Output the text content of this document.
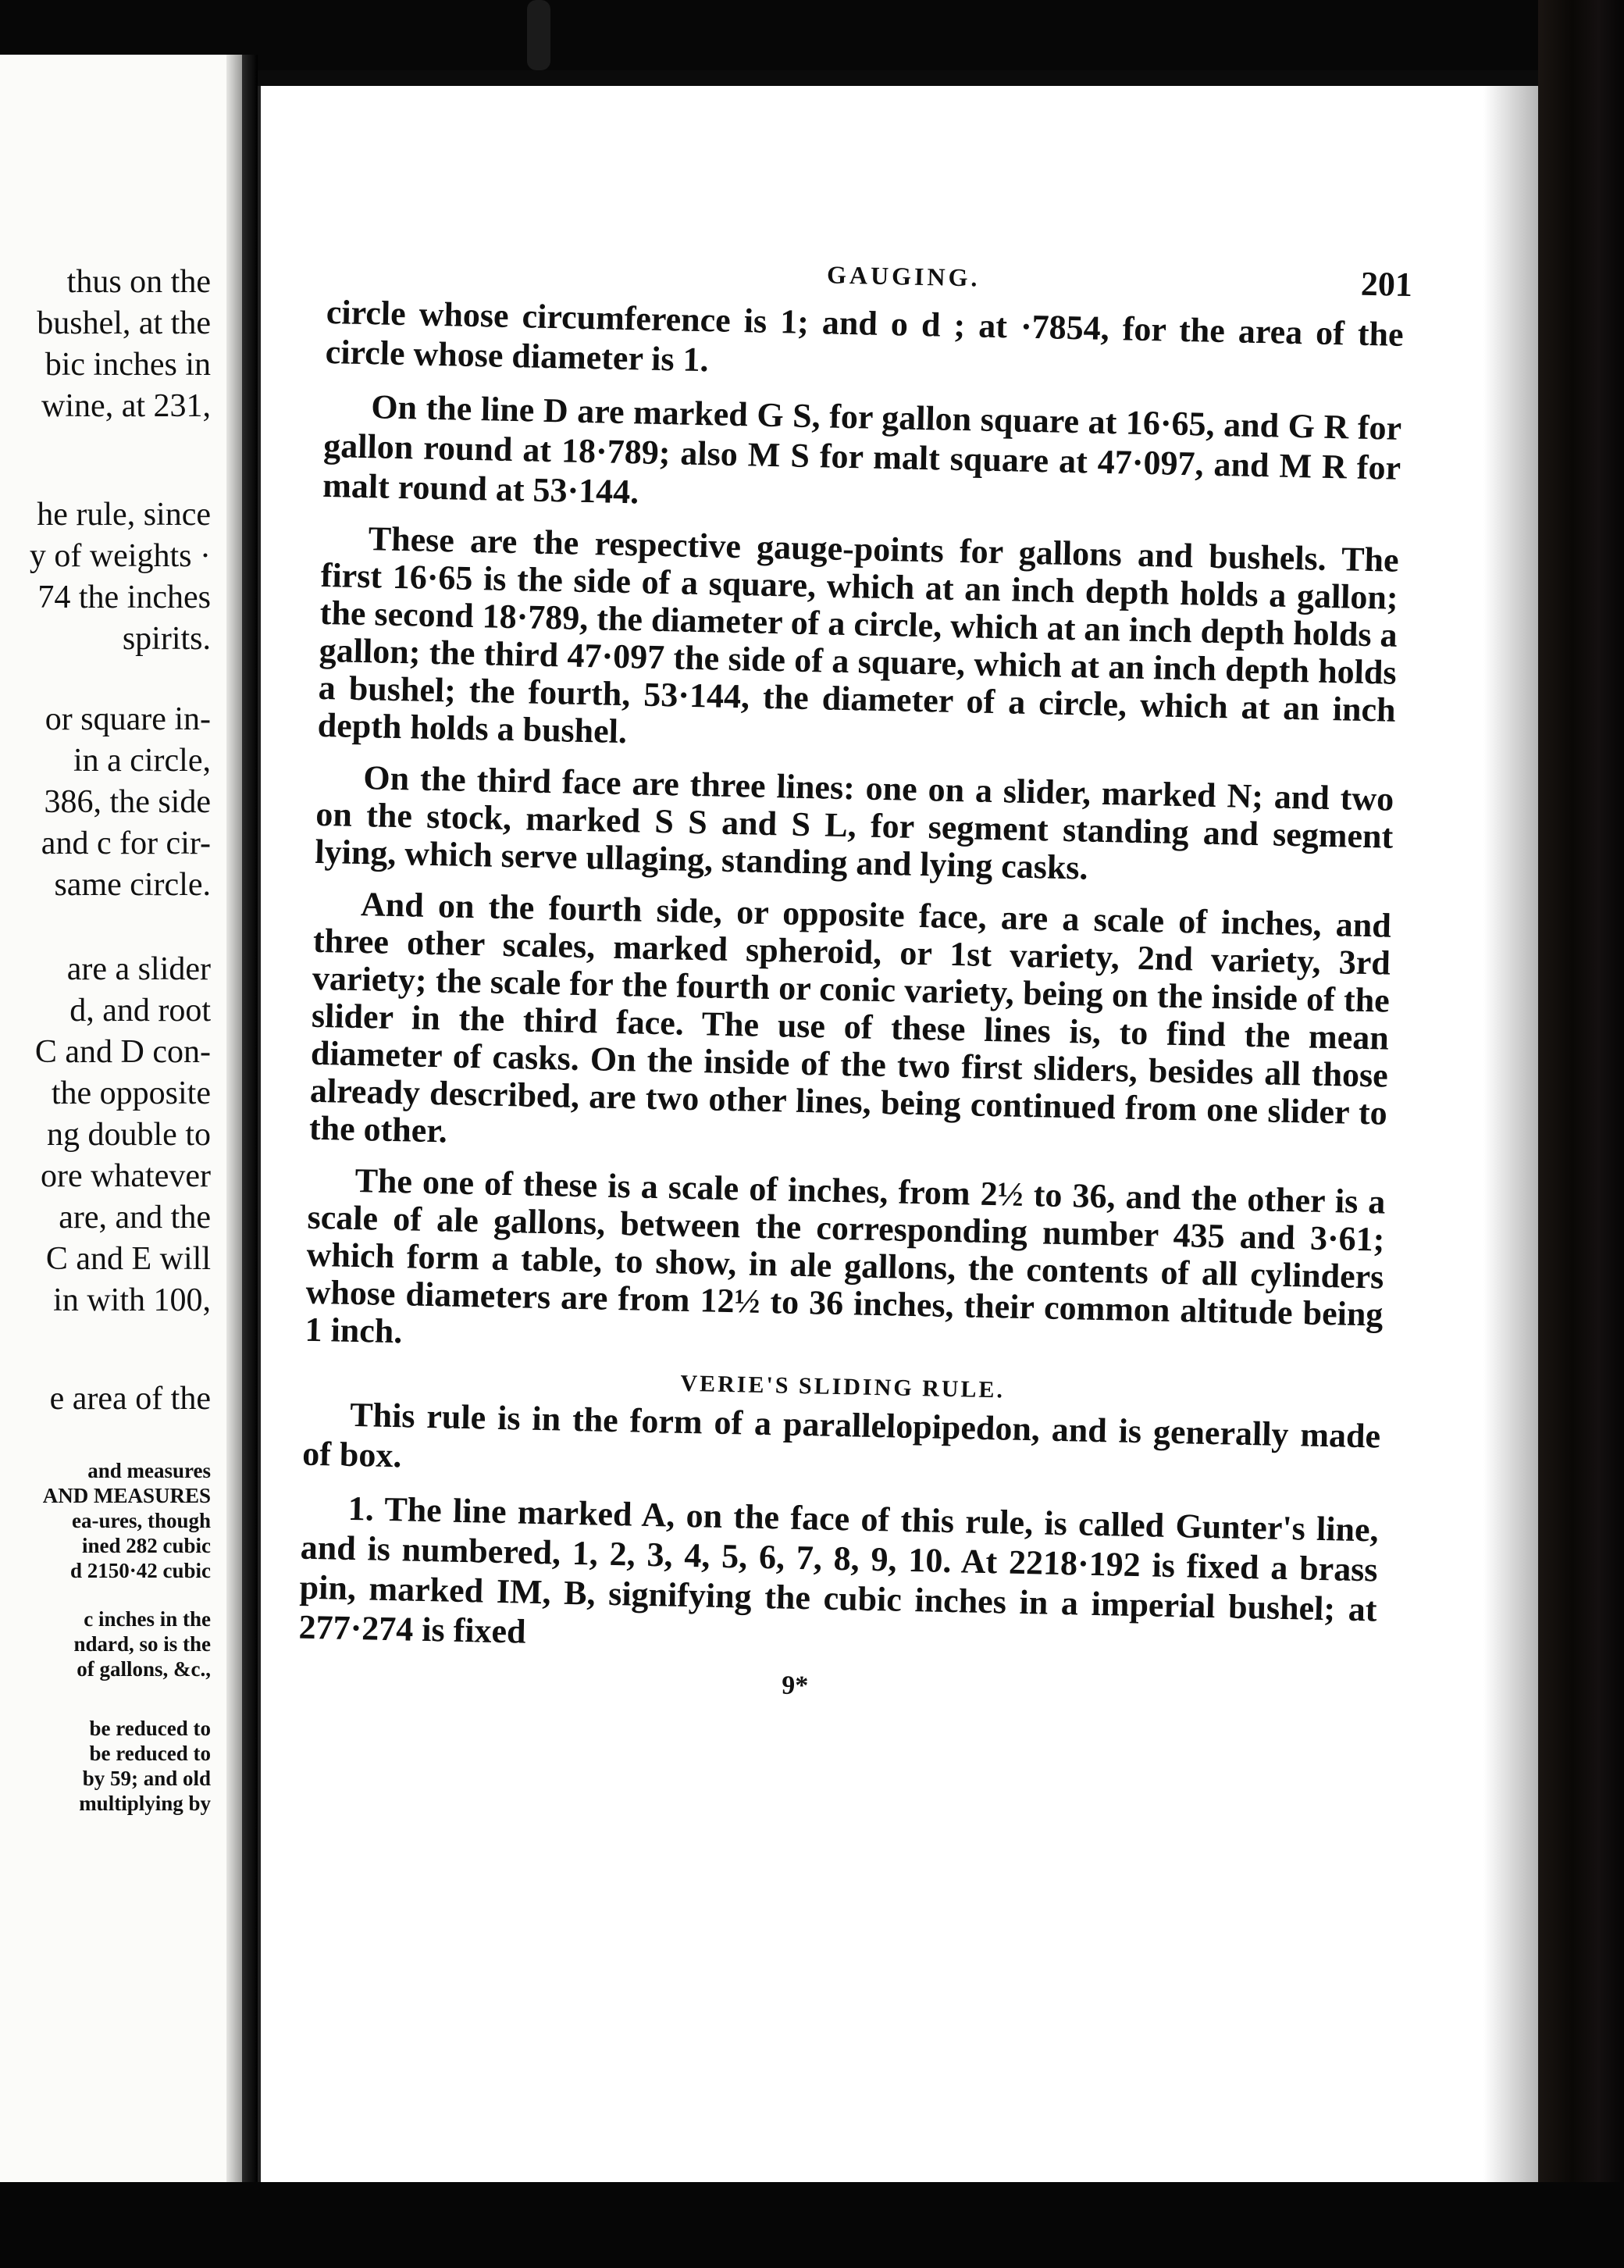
thus on the

bushel, at the

bic inches in

wine, at 231,

he rule, since

y of weights ·

74 the inches

spirits.

or square in-

in a circle,

386, the side

and c for cir-

same circle.

are a slider

d, and root

C and D con-

the opposite

ng double to

ore whatever

are, and the

C and E will

in with 100,

e area of the

and measures

AND MEASURES

ea-ures, though

ined 282 cubic

d 2150·42 cubic

c inches in the

ndard, so is the

of gallons, &c.,

be reduced to

be reduced to

by 59; and old

multiplying by

GAUGING.	201

circle whose circumference is 1; and o d ; at ·7854, for the area of the circle whose diameter is 1.

On the line D are marked G S, for gallon square at 16·65, and G R for gallon round at 18·789; also M S for malt square at 47·097, and M R for malt round at 53·144.

These are the respective gauge-points for gallons and bushels. The first 16·65 is the side of a square, which at an inch depth holds a gallon; the second 18·789, the diameter of a circle, which at an inch depth holds a gallon; the third 47·097 the side of a square, which at an inch depth holds a bushel; the fourth, 53·144, the diameter of a circle, which at an inch depth holds a bushel.

On the third face are three lines: one on a slider, marked N; and two on the stock, marked S S and S L, for segment standing and segment lying, which serve ullaging, standing and lying casks.

And on the fourth side, or opposite face, are a scale of inches, and three other scales, marked spheroid, or 1st variety, 2nd variety, 3rd variety; the scale for the fourth or conic variety, being on the inside of the slider in the third face. The use of these lines is, to find the mean diameter of casks. On the inside of the two first sliders, besides all those already described, are two other lines, being continued from one slider to the other.

The one of these is a scale of inches, from 2½ to 36, and the other is a scale of ale gallons, between the corresponding number 435 and 3·61; which form a table, to show, in ale gallons, the contents of all cylinders whose diameters are from 12½ to 36 inches, their common altitude being 1 inch.

VERIE'S SLIDING RULE.

This rule is in the form of a parallelopipedon, and is generally made of box.

1. The line marked A, on the face of this rule, is called Gunter's line, and is numbered, 1, 2, 3, 4, 5, 6, 7, 8, 9, 10. At 2218·192 is fixed a brass pin, marked IM, B, signifying the cubic inches in a imperial bushel; at 277·274 is fixed

9*
